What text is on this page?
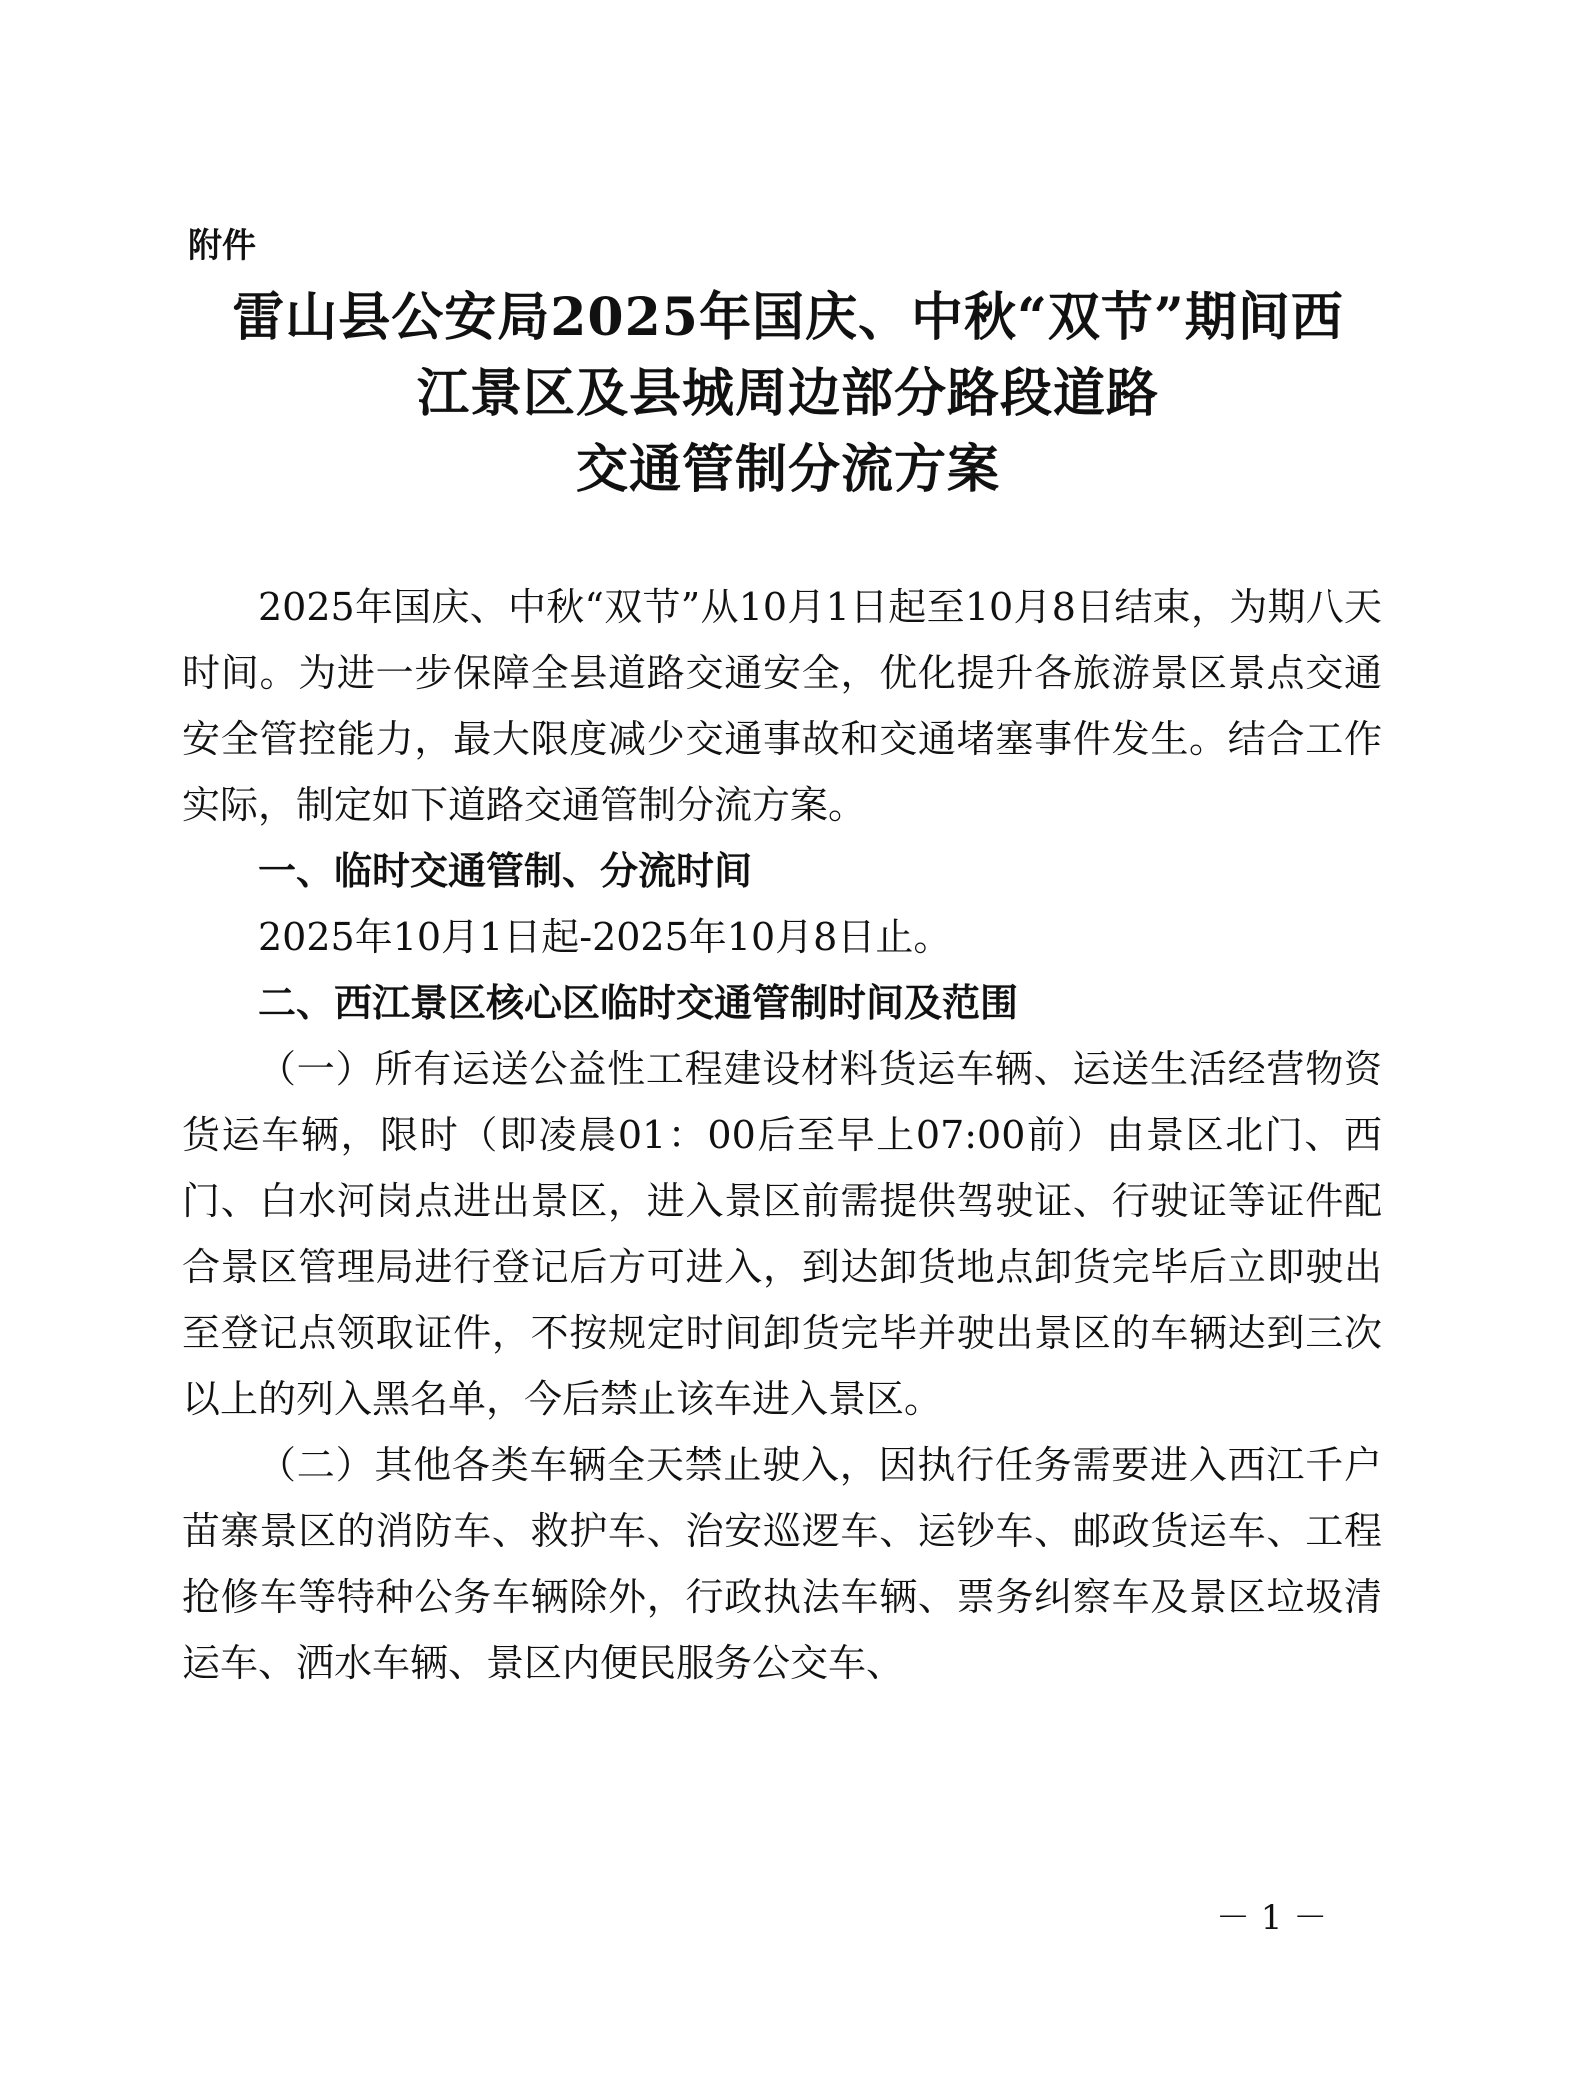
附件
雷山县公安局2025年国庆、中秋“双节”期间西
江景区及县城周边部分路段道路
交通管制分流方案

2025年国庆、中秋“双节”从10月1日起至10月8日结束，为期八天时间。为进一步保障全县道路交通安全，优化提升各旅游景区景点交通安全管控能力，最大限度减少交通事故和交通堵塞事件发生。结合工作实际，制定如下道路交通管制分流方案。

一、临时交通管制、分流时间

2025年10月1日起-2025年10月8日止。

二、西江景区核心区临时交通管制时间及范围

（一）所有运送公益性工程建设材料货运车辆、运送生活经营物资货运车辆，限时（即凌晨01：00后至早上07:00前）由景区北门、西门、白水河岗点进出景区，进入景区前需提供驾驶证、行驶证等证件配合景区管理局进行登记后方可进入，到达卸货地点卸货完毕后立即驶出至登记点领取证件，不按规定时间卸货完毕并驶出景区的车辆达到三次以上的列入黑名单，今后禁止该车进入景区。

（二）其他各类车辆全天禁止驶入，因执行任务需要进入西江千户苗寨景区的消防车、救护车、治安巡逻车、运钞车、邮政货运车、工程抢修车等特种公务车辆除外，行政执法车辆、票务纠察车及景区垃圾清运车、洒水车辆、景区内便民服务公交车、

－ 1 －
